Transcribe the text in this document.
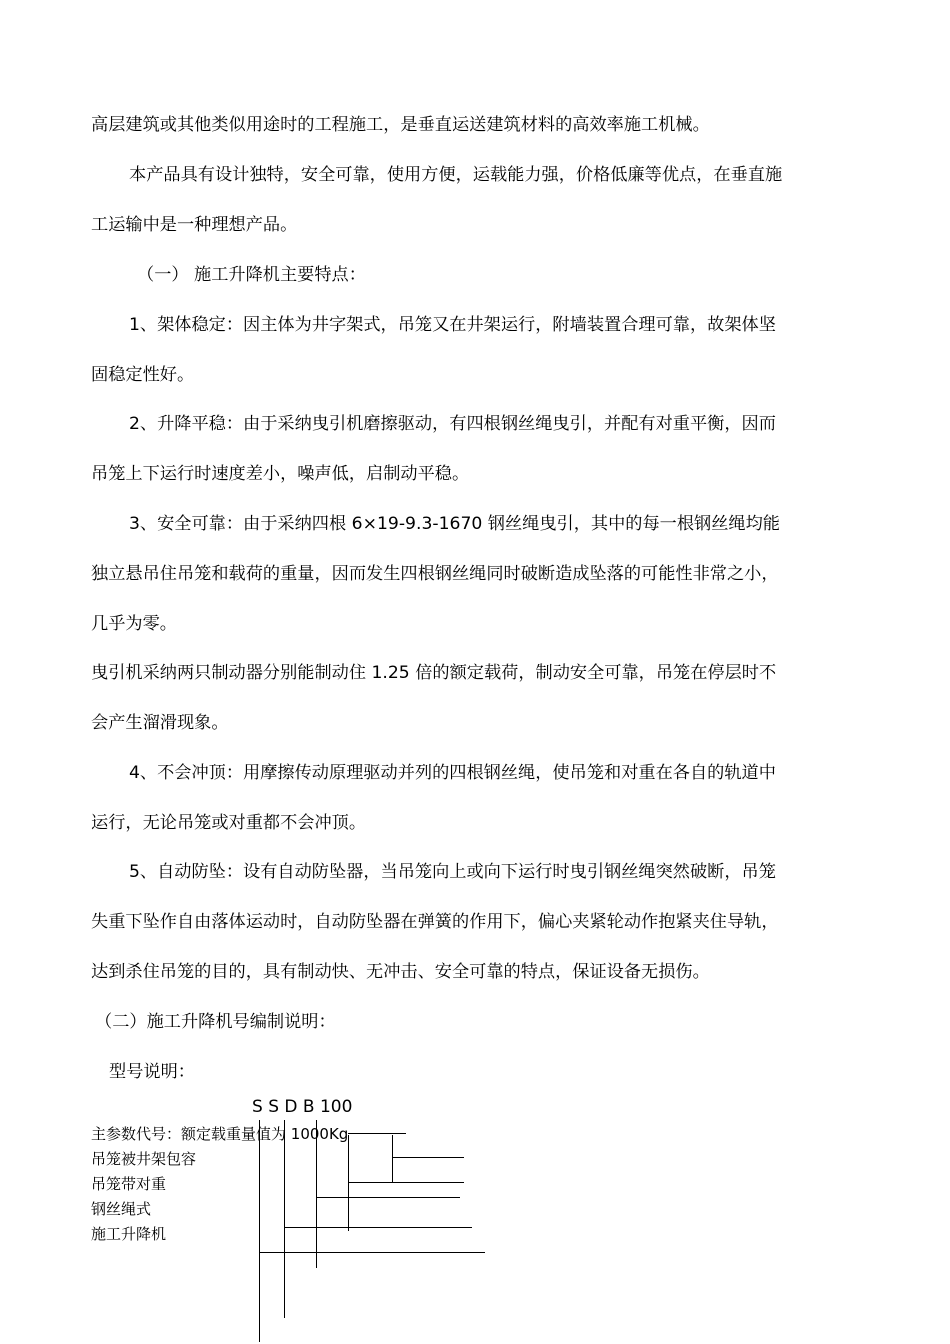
高层建筑或其他类似用途时的工程施工，是垂直运送建筑材料的高效率施工机械。
本产品具有设计独特，安全可靠，使用方便，运载能力强，价格低廉等优点，在垂直施
工运输中是一种理想产品。
（一） 施工升降机主要特点：
1、架体稳定：因主体为井字架式，吊笼又在井架运行，附墙装置合理可靠，故架体坚
固稳定性好。
2、升降平稳：由于采纳曳引机磨擦驱动，有四根钢丝绳曳引，并配有对重平衡，因而
吊笼上下运行时速度差小，噪声低，启制动平稳。
3、安全可靠：由于采纳四根 6×19-9.3-1670 钢丝绳曳引，其中的每一根钢丝绳均能
独立悬吊住吊笼和载荷的重量，因而发生四根钢丝绳同时破断造成坠落的可能性非常之小，
几乎为零。
曳引机采纳两只制动器分别能制动住 1.25 倍的额定载荷，制动安全可靠，吊笼在停层时不
会产生溜滑现象。
4、不会冲顶：用摩擦传动原理驱动并列的四根钢丝绳，使吊笼和对重在各自的轨道中
运行，无论吊笼或对重都不会冲顶。
5、自动防坠：设有自动防坠器，当吊笼向上或向下运行时曳引钢丝绳突然破断，吊笼
失重下坠作自由落体运动时，自动防坠器在弹簧的作用下，偏心夹紧轮动作抱紧夹住导轨，
达到杀住吊笼的目的，具有制动快、无冲击、安全可靠的特点，保证设备无损伤。
（二）施工升降机号编制说明：
型号说明：
S S D B 100
主参数代号：额定载重量值为 1000Kg
吊笼被井架包容
吊笼带对重
钢丝绳式
施工升降机
